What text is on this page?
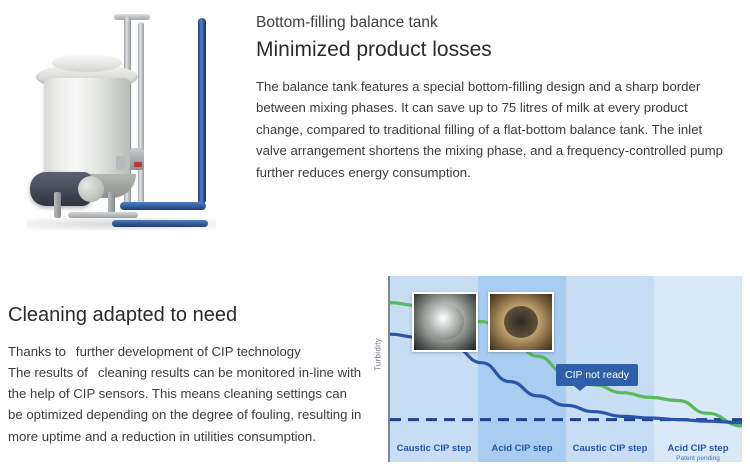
Bottom-filling balance tank

Minimized product losses

The balance tank features a special bottom-filling design and a sharp border between mixing phases. It can save up to 75 litres of milk at every product change, compared to traditional filling of a flat-bottom balance tank. The inlet valve arrangement shortens the mixing phase, and a frequency-controlled pump further reduces energy consumption.

Cleaning adapted to need

Thanks to further development of CIP technology
The results of cleaning results can be monitored in-line with the help of CIP sensors. This means cleaning settings can be optimized depending on the degree of fouling, resulting in more uptime and a reduction in utilities consumption.

Turbidity
Caustic CIP step	Acid CIP step	Caustic CIP step	Acid CIP step
Patent pending
CIP not ready
